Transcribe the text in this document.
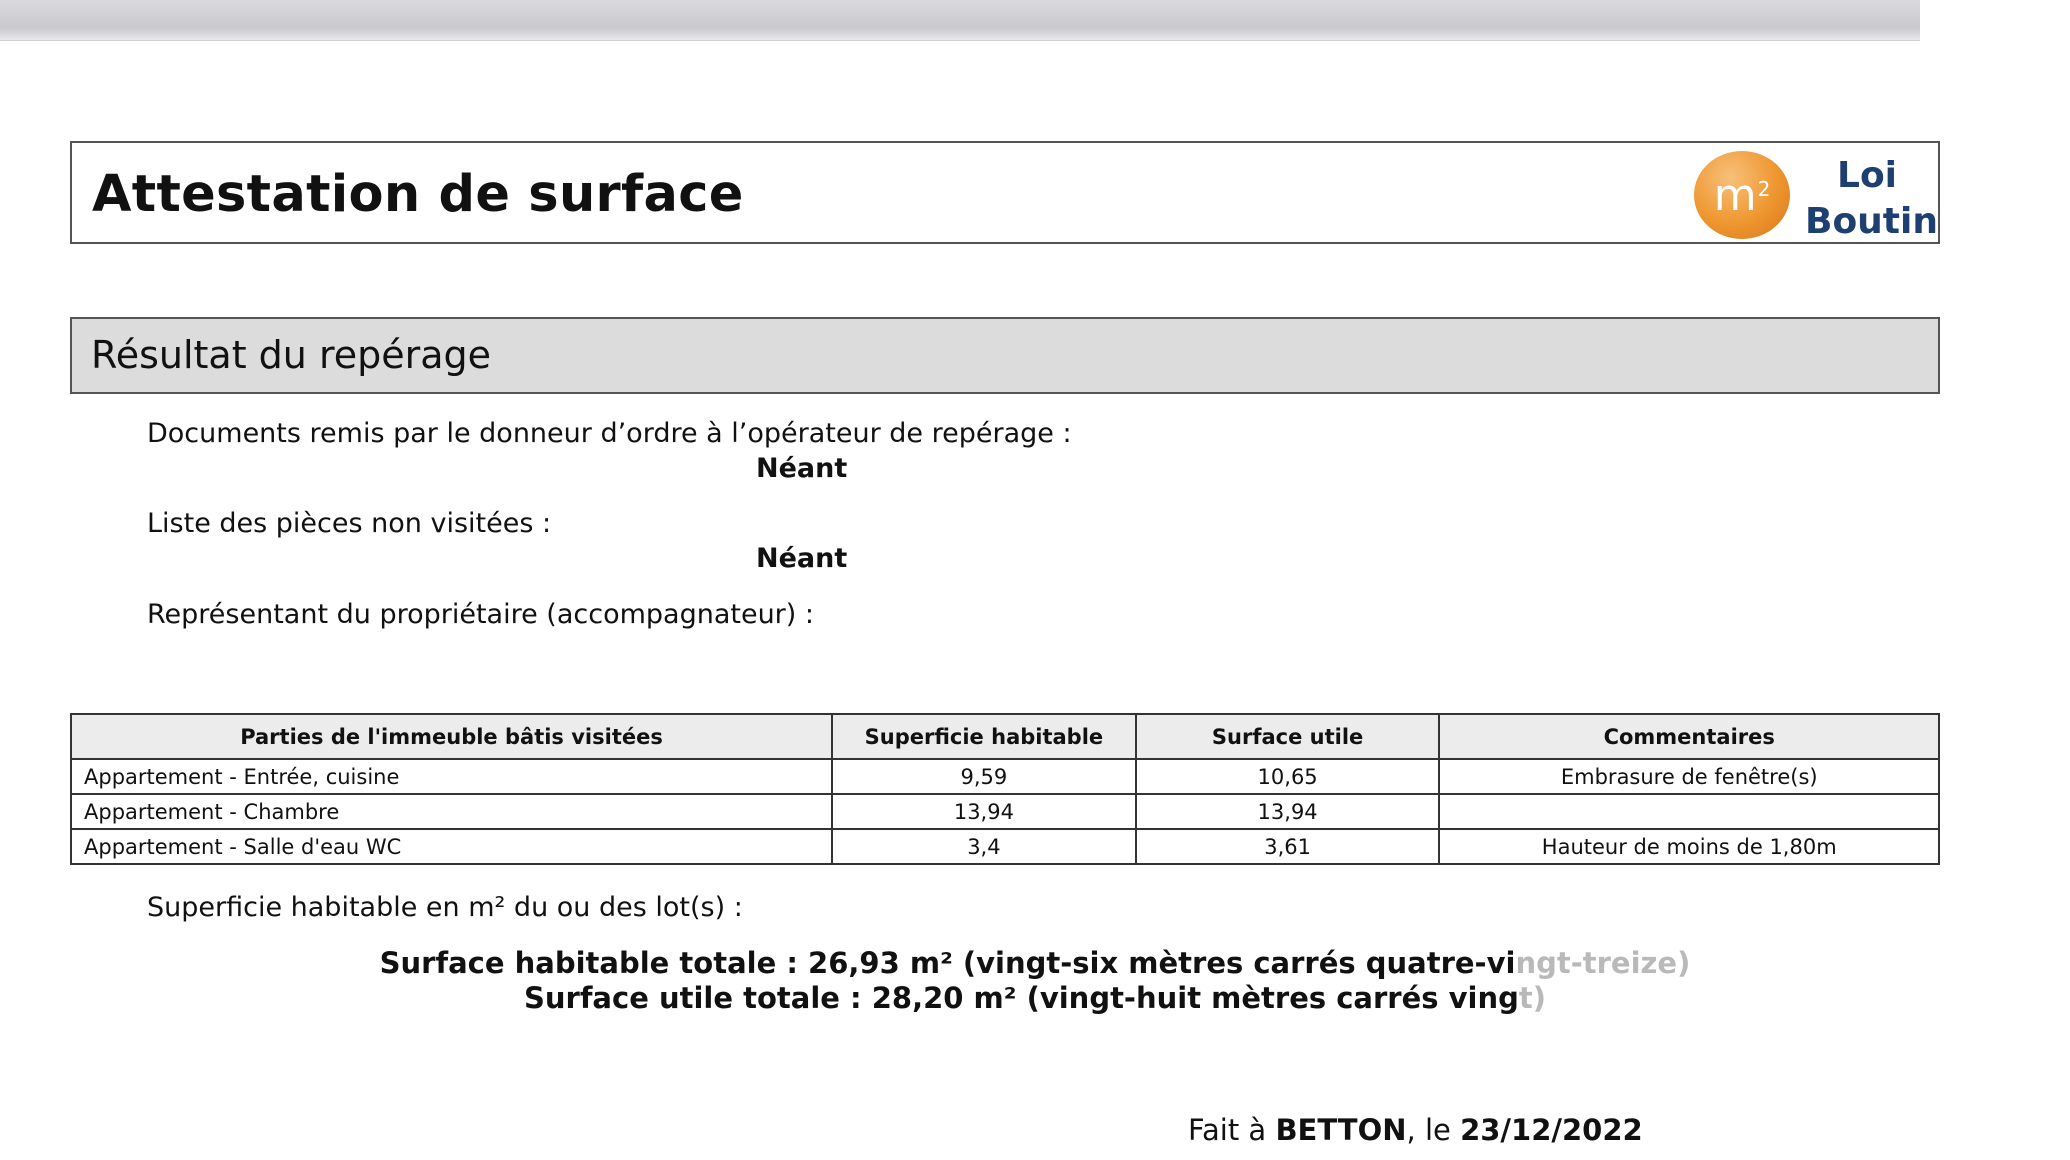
Attestation de surface	$m^2$	Loi
Boutin
Résultat du repérage
Documents remis par le donneur d’ordre à l’opérateur de repérage :
Néant
Liste des pièces non visitées :
Néant
Représentant du propriétaire (accompagnateur) :
Parties de l'immeuble bâtis visitées	Superficie habitable	Surface utile	Commentaires
Appartement - Entrée, cuisine	9,59	10,65	Embrasure de fenêtre(s)
Appartement - Chambre	13,94	13,94	
Appartement - Salle d'eau WC	3,4	3,61	Hauteur de moins de 1,80m
Superficie habitable en m² du ou des lot(s) :
Surface habitable totale : 26,93 m² (vingt-six mètres carrés quatre-vingt-treize)
Surface utile totale : 28,20 m² (vingt-huit mètres carrés vingt)
Fait à BETTON, le 23/12/2022
